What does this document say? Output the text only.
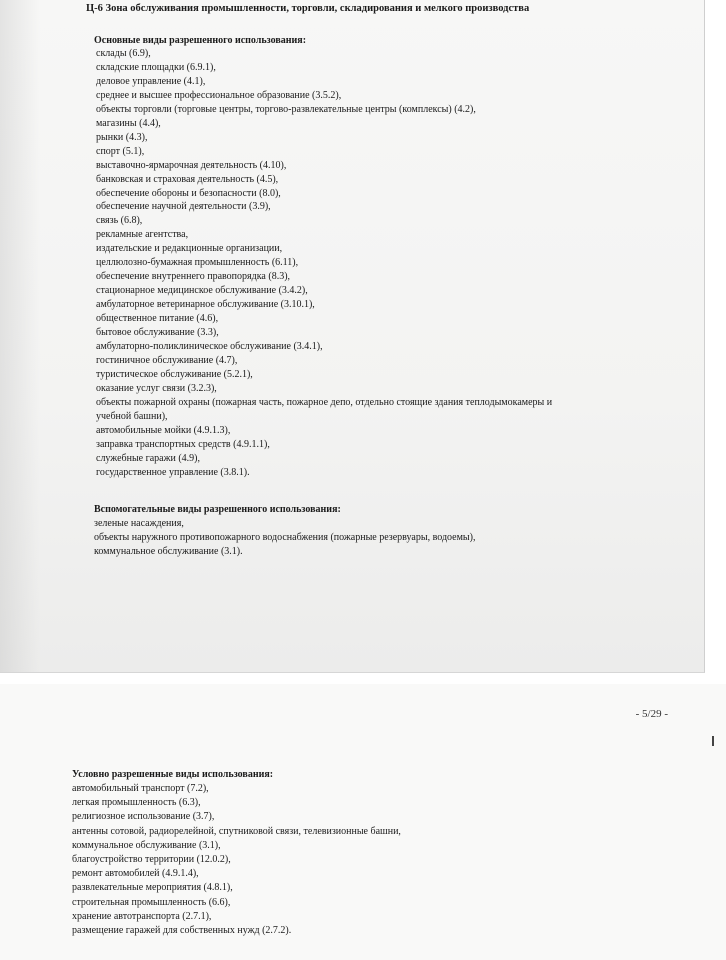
Ц-6 Зона обслуживания промышленности, торговли, складирования и мелкого производства
Основные виды разрешенного использования:
склады (6.9),
складские площадки (6.9.1),
деловое управление (4.1),
среднее и высшее профессиональное образование (3.5.2),
объекты торговли (торговые центры, торгово-развлекательные центры (комплексы) (4.2),
магазины (4.4),
рынки (4.3),
спорт (5.1),
выставочно-ярмарочная деятельность (4.10),
банковская и страховая деятельность (4.5),
обеспечение обороны и безопасности (8.0),
обеспечение научной деятельности (3.9),
связь (6.8),
рекламные агентства,
издательские и редакционные организации,
целлюлозно-бумажная промышленность (6.11),
обеспечение внутреннего правопорядка (8.3),
стационарное медицинское обслуживание (3.4.2),
амбулаторное ветеринарное обслуживание (3.10.1),
общественное питание (4.6),
бытовое обслуживание (3.3),
амбулаторно-поликлиническое обслуживание (3.4.1),
гостиничное обслуживание (4.7),
туристическое обслуживание (5.2.1),
оказание услуг связи (3.2.3),
объекты пожарной охраны (пожарная часть, пожарное депо, отдельно стоящие здания теплодымокамеры и
учебной башни),
автомобильные мойки (4.9.1.3),
заправка транспортных средств (4.9.1.1),
служебные гаражи (4.9),
государственное управление (3.8.1).
Вспомогательные виды разрешенного использования:
зеленые насаждения,
объекты наружного противопожарного водоснабжения (пожарные резервуары, водоемы),
коммунальное обслуживание (3.1).
- 5/29 -
Условно разрешенные виды использования:
автомобильный транспорт (7.2),
легкая промышленность (6.3),
религиозное использование (3.7),
антенны сотовой, радиорелейной, спутниковой связи, телевизионные башни,
коммунальное обслуживание (3.1),
благоустройство территории (12.0.2),
ремонт автомобилей (4.9.1.4),
развлекательные мероприятия (4.8.1),
строительная промышленность (6.6),
хранение автотранспорта (2.7.1),
размещение гаражей для собственных нужд (2.7.2).
